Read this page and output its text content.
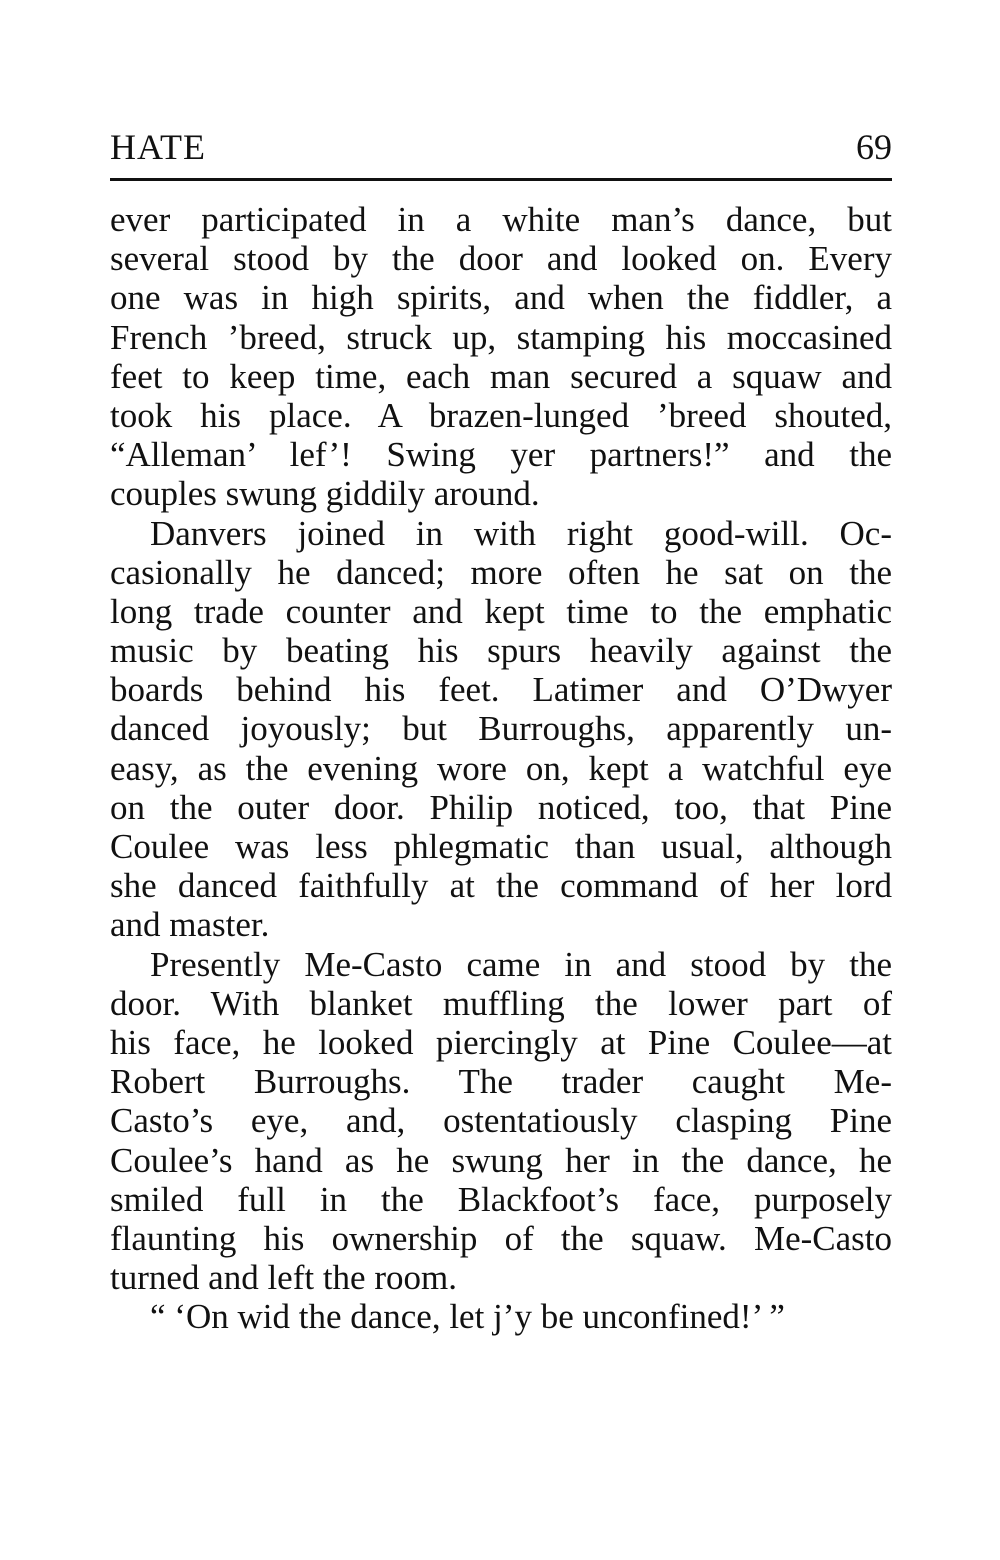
HATE	69
ever participated in a white man’s dance, but
several stood by the door and looked on. Every
one was in high spirits, and when the fiddler, a
French ’breed, struck up, stamping his moccasined
feet to keep time, each man secured a squaw and
took his place. A brazen-lunged ’breed shouted,
“Alleman’ lef’! Swing yer partners!” and the
couples swung giddily around.
Danvers joined in with right good-will. Oc-
casionally he danced; more often he sat on the
long trade counter and kept time to the emphatic
music by beating his spurs heavily against the
boards behind his feet. Latimer and O’Dwyer
danced joyously; but Burroughs, apparently un-
easy, as the evening wore on, kept a watchful eye
on the outer door. Philip noticed, too, that Pine
Coulee was less phlegmatic than usual, although
she danced faithfully at the command of her lord
and master.
Presently Me-Casto came in and stood by the
door. With blanket muffling the lower part of
his face, he looked piercingly at Pine Coulee—at
Robert Burroughs. The trader caught Me-
Casto’s eye, and, ostentatiously clasping Pine
Coulee’s hand as he swung her in the dance, he
smiled full in the Blackfoot’s face, purposely
flaunting his ownership of the squaw. Me-Casto
turned and left the room.
“ ‘On wid the dance, let j’y be unconfined!’ ”
